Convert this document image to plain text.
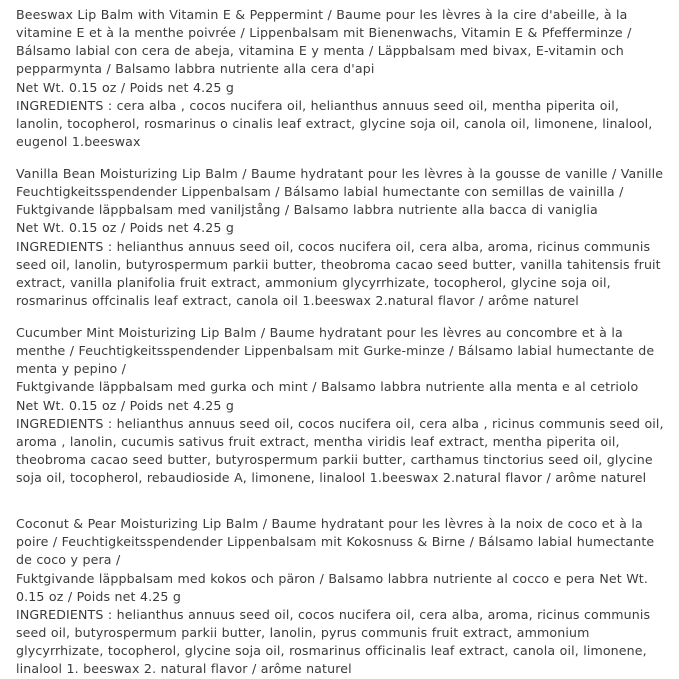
Beeswax Lip Balm with Vitamin E & Peppermint / Baume pour les lèvres à la cire d'abeille, à la vitamine E et à la menthe poivrée / Lippenbalsam mit Bienenwachs, Vitamin E & Pfefferminze / Bálsamo labial con cera de abeja, vitamina E y menta / Läppbalsam med bivax, E-vitamin och pepparmynta / Balsamo labbra nutriente alla cera d'api

Net Wt. 0.15 oz / Poids net 4.25 g

INGREDIENTS : cera alba , cocos nucifera oil, helianthus annuus seed oil, mentha piperita oil, lanolin, tocopherol, rosmarinus o cinalis leaf extract, glycine soja oil, canola oil, limonene, linalool, eugenol 1.beeswax

Vanilla Bean Moisturizing Lip Balm / Baume hydratant pour les lèvres à la gousse de vanille / Vanille Feuchtigkeitsspendender Lippenbalsam / Bálsamo labial humectante con semillas de vainilla / Fuktgivande läppbalsam med vaniljstång / Balsamo labbra nutriente alla bacca di vaniglia

Net Wt. 0.15 oz / Poids net 4.25 g

INGREDIENTS : helianthus annuus seed oil, cocos nucifera oil, cera alba, aroma, ricinus communis seed oil, lanolin, butyrospermum parkii butter, theobroma cacao seed butter, vanilla tahitensis fruit extract, vanilla planifolia fruit extract, ammonium glycyrrhizate, tocopherol, glycine soja oil, rosmarinus offcinalis leaf extract, canola oil 1.beeswax 2.natural flavor / arôme naturel

Cucumber Mint Moisturizing Lip Balm / Baume hydratant pour les lèvres au concombre et à la menthe / Feuchtigkeitsspendender Lippenbalsam mit Gurke-minze / Bálsamo labial humectante de menta y pepino /

Fuktgivande läppbalsam med gurka och mint / Balsamo labbra nutriente alla menta e al cetriolo Net Wt. 0.15 oz / Poids net 4.25 g

INGREDIENTS : helianthus annuus seed oil, cocos nucifera oil, cera alba , ricinus communis seed oil, aroma , lanolin, cucumis sativus fruit extract, mentha viridis leaf extract, mentha piperita oil, theobroma cacao seed butter, butyrospermum parkii butter, carthamus tinctorius seed oil, glycine soja oil, tocopherol, rebaudioside A, limonene, linalool 1.beeswax 2.natural flavor / arôme naturel

Coconut & Pear Moisturizing Lip Balm / Baume hydratant pour les lèvres à la noix de coco et à la poire / Feuchtigkeitsspendender Lippenbalsam mit Kokosnuss & Birne / Bálsamo labial humectante de coco y pera /

Fuktgivande läppbalsam med kokos och päron / Balsamo labbra nutriente al cocco e pera Net Wt. 0.15 oz / Poids net 4.25 g

INGREDIENTS : helianthus annuus seed oil, cocos nucifera oil, cera alba, aroma, ricinus communis seed oil, butyrospermum parkii butter, lanolin, pyrus communis fruit extract, ammonium glycyrrhizate, tocopherol, glycine soja oil, rosmarinus officinalis leaf extract, canola oil, limonene, linalool 1. beeswax 2. natural flavor / arôme naturel
